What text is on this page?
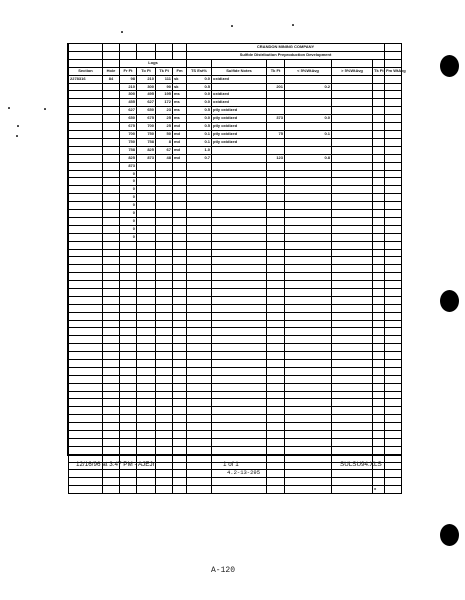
						CRANDON MINING COMPANY						
						Sulfide Distribution Preproduction Development						
		Logs										
Section	Hole	Fr Ft	To Ft	Tk Ft	Fm	TS Est%	Sulfide Notes	Tk Ft	< 5%WtAvg	> 5%WtAvg	Tk Ft	Fm WtAvg
2278316	84	98	210	111	sk	0.0	oxidized					
		210	300	90	sk	0.5		201	0.2			
		300	495	195	ms	0.0	oxidized					
		455	627	172	ms	0.0	oxidized					
		627	650	23	ms	0.5	ptly oxidized					
		650	675	25	ms	0.0	ptly oxidized	373	0.0			
		675	700	25	md	0.5	ptly oxidized					
		700	750	50	md	0.1	ptly oxidized	75	0.1			
		750	758	8	md	0.1	ptly oxidized					
		758	825	67	md	1.0						
		825	873	48	md	0.7		123	0.8			
		873										
		0										
		0										
		0										
		0										
		0										
		0										
		0										
		0										
		0										

											x	
12/16/96 at 3:47 PM - AJEJr	1 of 1
4.2-13-295
SULSU94.XLS
A-120
